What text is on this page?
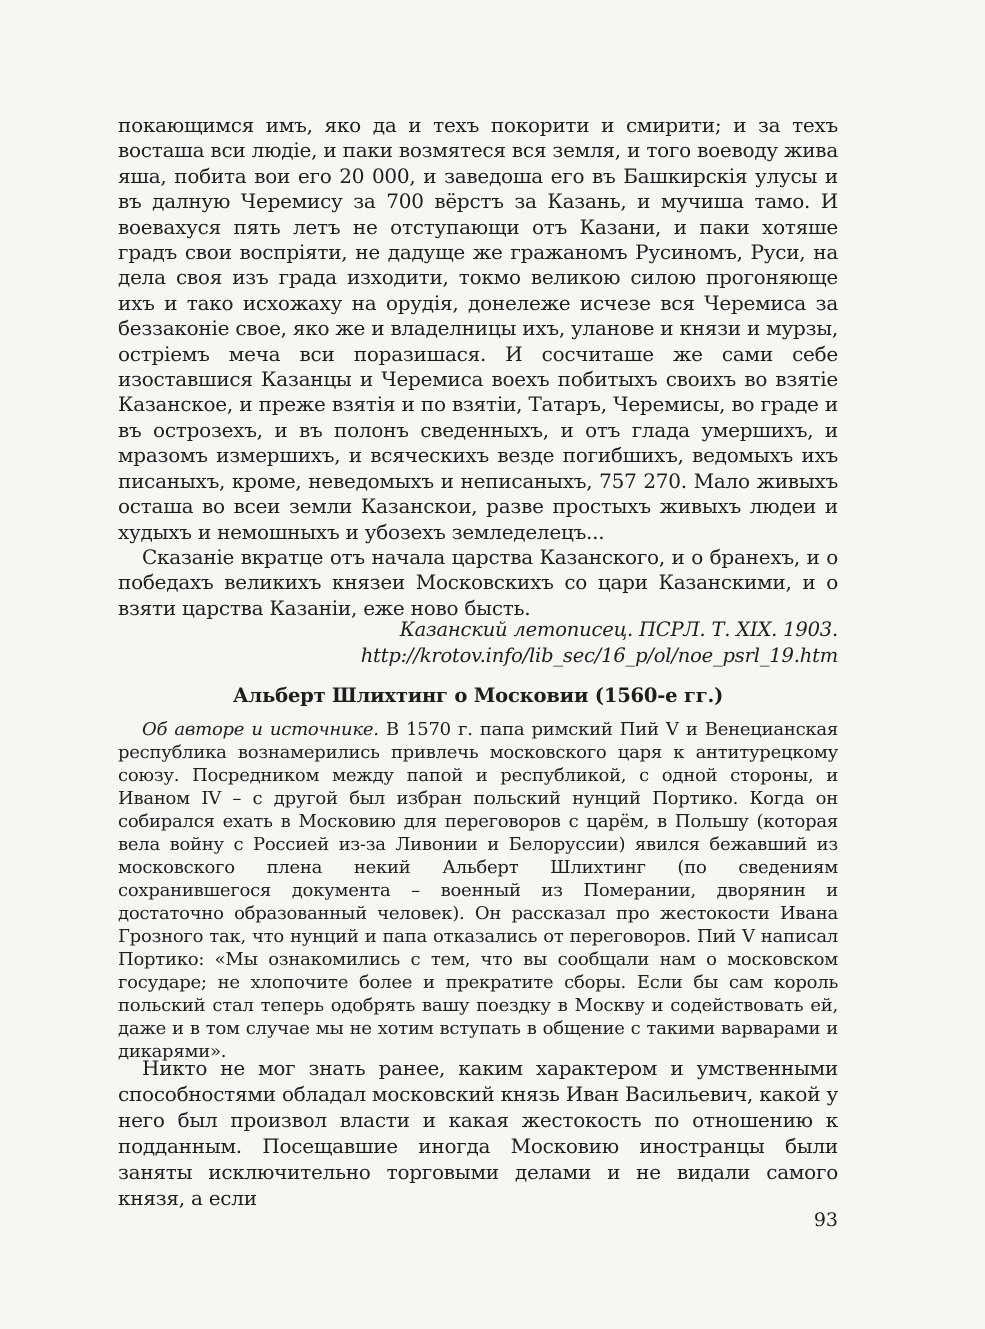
покающимся имъ, яко да и техъ покорити и смирити; и за техъ восташа вси людіе, и паки возмятеся вся земля, и того воеводу жива яша, побита вои его 20 000, и заведоша его въ Башкирскія улусы и въ далную Черемису за 700 вёрстъ за Казань, и мучиша тамо. И воевахуся пять летъ не отступающи отъ Казани, и паки хотяше градъ свои воспріяти, не дадуще же гражаномъ Русиномъ, Руси, на дела своя изъ града изходити, токмо великою силою прогоняюще ихъ и тако исхожаху на орудія, донележе исчезе вся Черемиса за беззаконіе свое, яко же и владелницы ихъ, уланове и князи и мурзы, остріемъ меча вси поразишася. И сосчиташе же сами себе изоставшися Казанцы и Черемиса воехъ побитыхъ своихъ во взятіе Казанское, и преже взятія и по взятіи, Татаръ, Черемисы, во граде и въ острозехъ, и въ полонъ сведенныхъ, и отъ глада умершихъ, и мразомъ измершихъ, и всяческихъ везде погибшихъ, ведомыхъ ихъ писаныхъ, кроме, неведомыхъ и неписаныхъ, 757 270. Мало живыхъ осташа во всеи земли Казанскои, разве простыхъ живыхъ людеи и худыхъ и немошныхъ и убозехъ земледелецъ...

Сказаніе вкратце отъ начала царства Казанского, и о бранехъ, и о победахъ великихъ князеи Московскихъ со цари Казанскими, и о взяти царства Казаніи, еже ново бысть.

Казанский летописец. ПСРЛ. Т. XIX. 1903.
http://krotov.info/lib_sec/16_p/ol/noe_psrl_19.htm
Альберт Шлихтинг о Московии (1560-е гг.)

Об авторе и источнике. В 1570 г. папа римский Пий V и Венецианская республика вознамерились привлечь московского царя к антитурецкому союзу. Посредником между папой и республикой, с одной стороны, и Иваном IV – с другой был избран польский нунций Портико. Когда он собирался ехать в Московию для переговоров с царём, в Польшу (которая вела войну с Россией из-за Ливонии и Белоруссии) явился бежавший из московского плена некий Альберт Шлихтинг (по сведениям сохранившегося документа – военный из Померании, дворянин и достаточно образованный человек). Он рассказал про жестокости Ивана Грозного так, что нунций и папа отказались от переговоров. Пий V написал Портико: «Мы ознакомились с тем, что вы сообщали нам о московском государе; не хлопочите более и прекратите сборы. Если бы сам король польский стал теперь одобрять вашу поездку в Москву и содействовать ей, даже и в том случае мы не хотим вступать в общение с такими варварами и дикарями».

Никто не мог знать ранее, каким характером и умственными способностями обладал московский князь Иван Васильевич, какой у него был произвол власти и какая жестокость по отношению к подданным. Посещавшие иногда Московию иностранцы были заняты исключительно торговыми делами и не видали самого князя, а если

93
